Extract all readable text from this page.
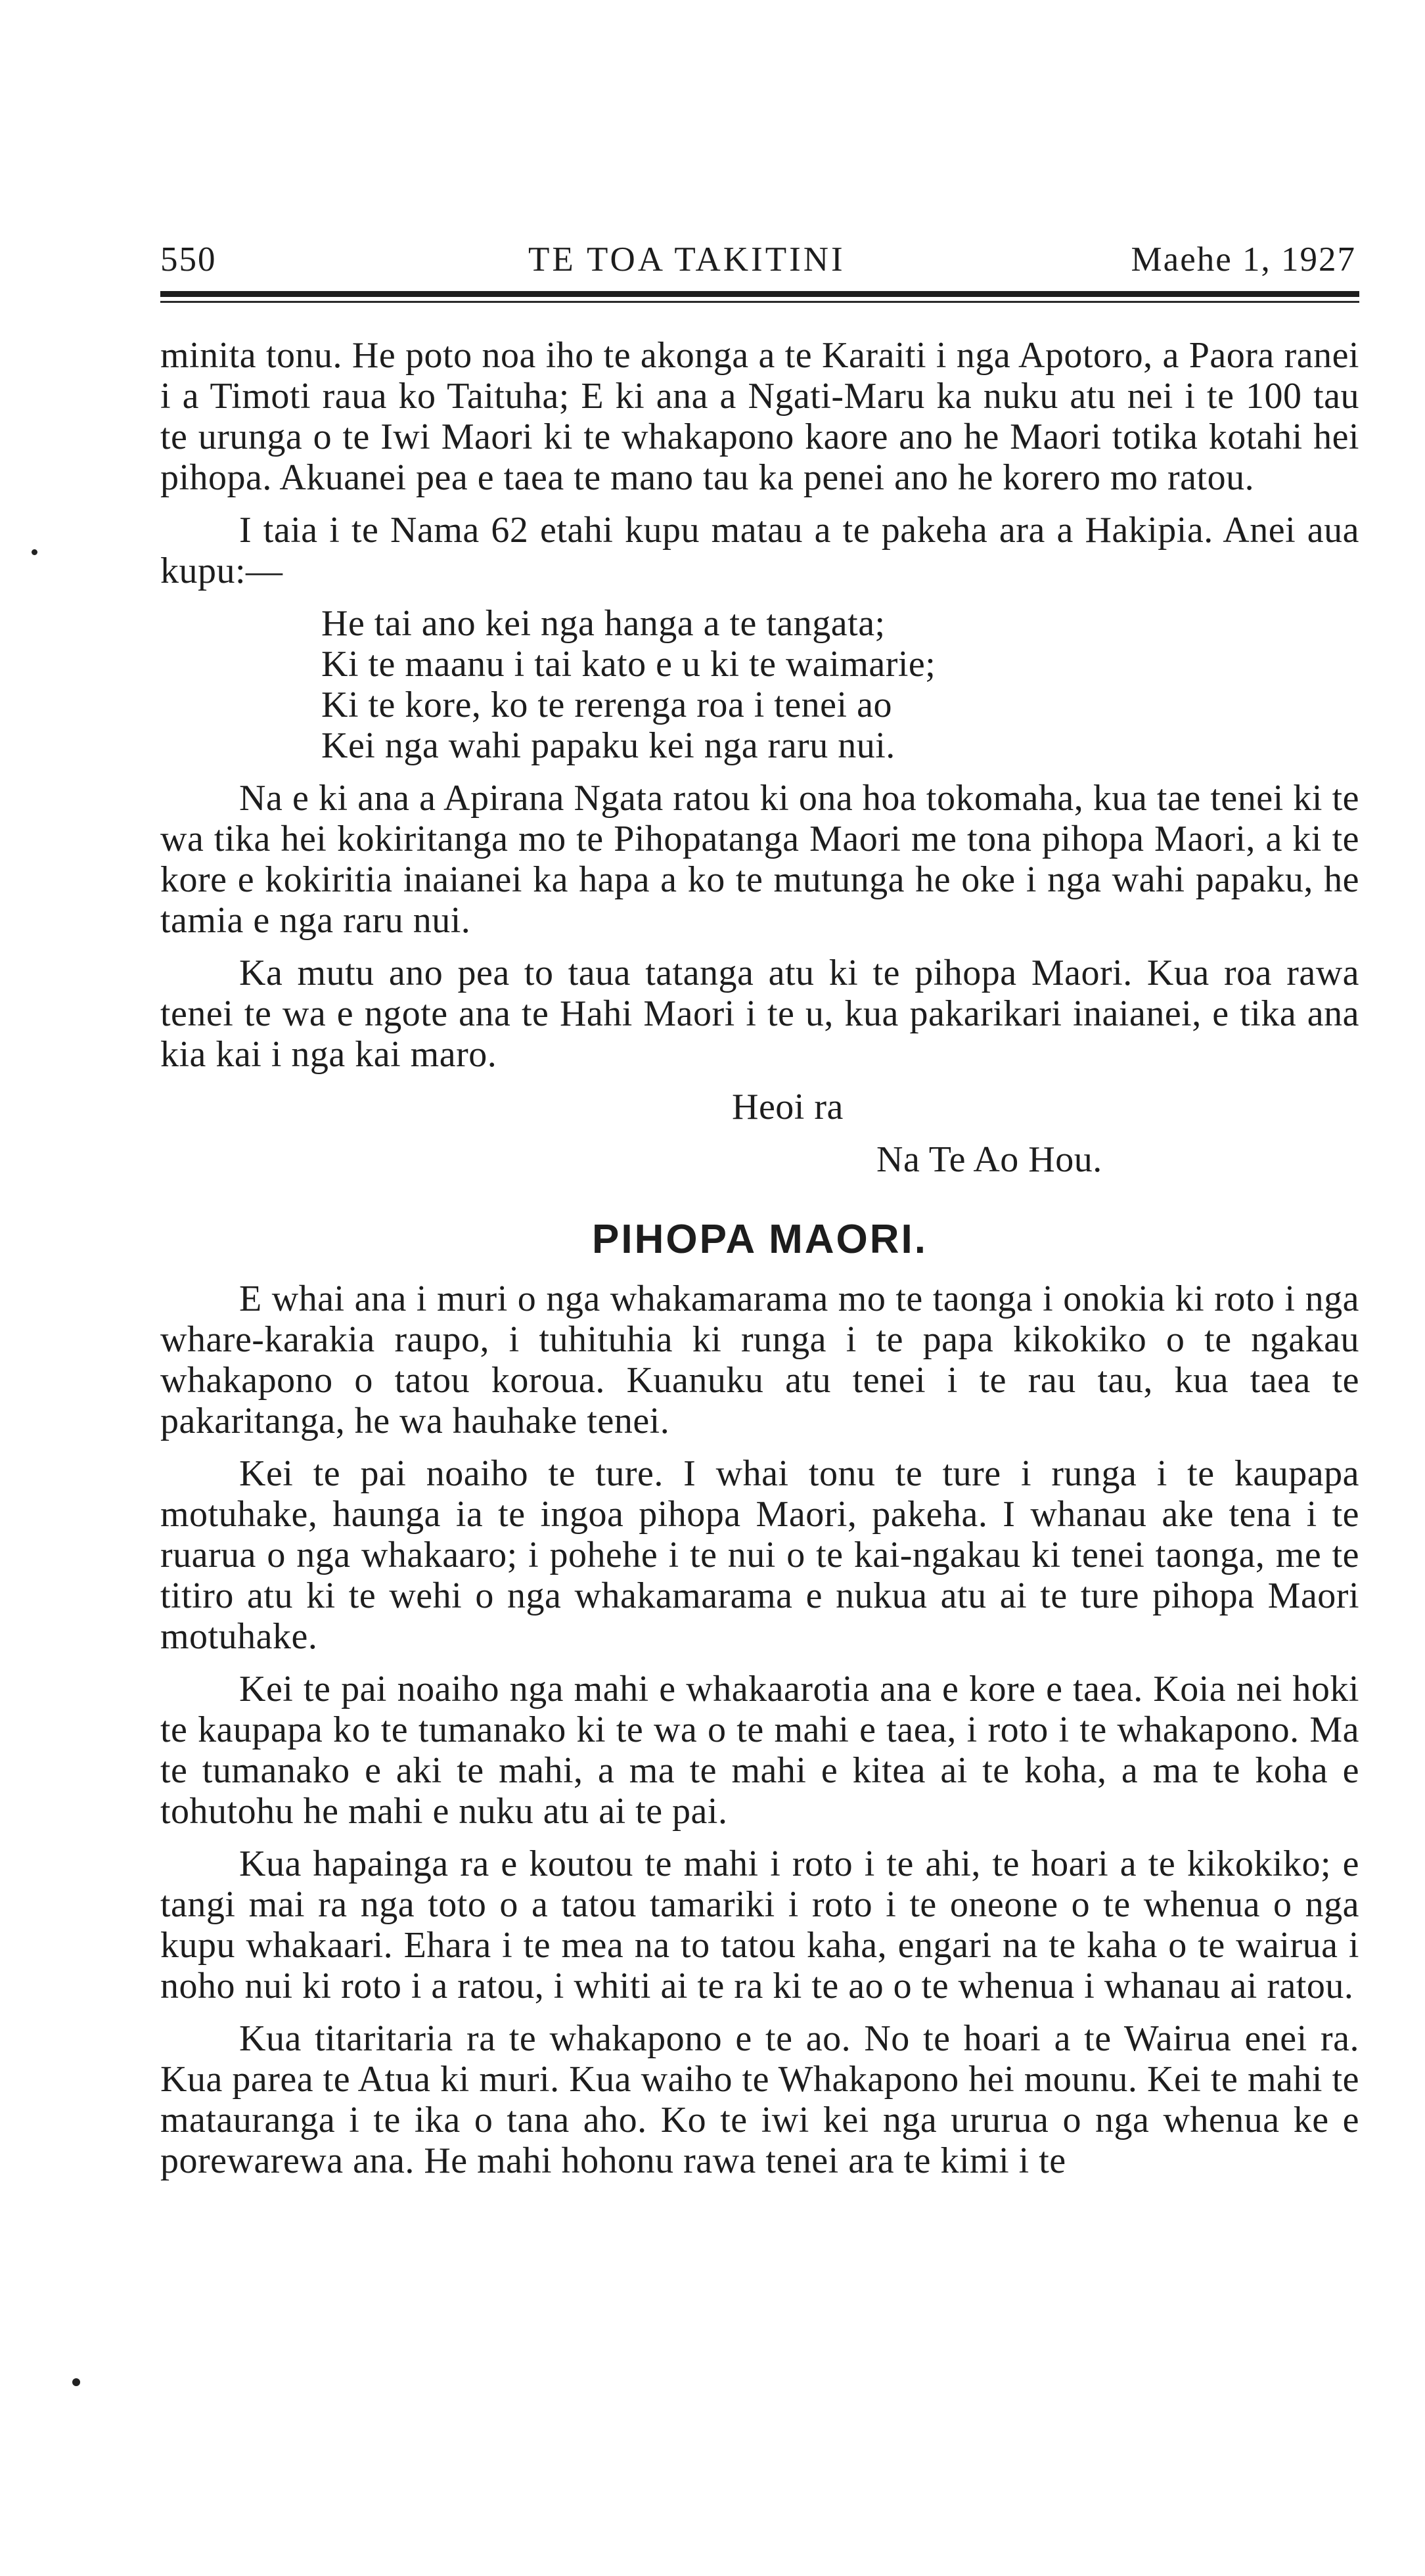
550	TE TOA TAKITINI	Maehe 1, 1927

minita tonu. He poto noa iho te akonga a te Karaiti i nga Apotoro, a Paora ranei i a Timoti raua ko Taituha; E ki ana a Ngati-Maru ka nuku atu nei i te 100 tau te urunga o te Iwi Maori ki te whakapono kaore ano he Maori totika kotahi hei pihopa. Akuanei pea e taea te mano tau ka penei ano he korero mo ratou.

I taia i te Nama 62 etahi kupu matau a te pakeha ara a Hakipia. Anei aua kupu:—

He tai ano kei nga hanga a te tangata;
Ki te maanu i tai kato e u ki te waimarie;
Ki te kore, ko te rerenga roa i tenei ao
Kei nga wahi papaku kei nga raru nui.

Na e ki ana a Apirana Ngata ratou ki ona hoa tokomaha, kua tae tenei ki te wa tika hei kokiritanga mo te Pihopatanga Maori me tona pihopa Maori, a ki te kore e kokiritia inaianei ka hapa a ko te mutunga he oke i nga wahi papaku, he tamia e nga raru nui.

Ka mutu ano pea to taua tatanga atu ki te pihopa Maori. Kua roa rawa tenei te wa e ngote ana te Hahi Maori i te u, kua pakarikari inaianei, e tika ana kia kai i nga kai maro.

Heoi ra

Na Te Ao Hou.

PIHOPA MAORI.

E whai ana i muri o nga whakamarama mo te taonga i onokia ki roto i nga whare-karakia raupo, i tuhituhia ki runga i te papa kikokiko o te ngakau whakapono o tatou koroua. Kuanuku atu tenei i te rau tau, kua taea te pakaritanga, he wa hauhake tenei.

Kei te pai noaiho te ture. I whai tonu te ture i runga i te kaupapa motuhake, haunga ia te ingoa pihopa Maori, pakeha. I whanau ake tena i te ruarua o nga whakaaro; i pohehe i te nui o te kai-ngakau ki tenei taonga, me te titiro atu ki te wehi o nga whakamarama e nukua atu ai te ture pihopa Maori motuhake.

Kei te pai noaiho nga mahi e whakaarotia ana e kore e taea. Koia nei hoki te kaupapa ko te tumanako ki te wa o te mahi e taea, i roto i te whakapono. Ma te tumanako e aki te mahi, a ma te mahi e kitea ai te koha, a ma te koha e tohutohu he mahi e nuku atu ai te pai.

Kua hapainga ra e koutou te mahi i roto i te ahi, te hoari a te kikokiko; e tangi mai ra nga toto o a tatou tamariki i roto i te oneone o te whenua o nga kupu whakaari. Ehara i te mea na to tatou kaha, engari na te kaha o te wairua i noho nui ki roto i a ratou, i whiti ai te ra ki te ao o te whenua i whanau ai ratou.

Kua titaritaria ra te whakapono e te ao. No te hoari a te Wairua enei ra. Kua parea te Atua ki muri. Kua waiho te Whakapono hei mounu. Kei te mahi te matauranga i te ika o tana aho. Ko te iwi kei nga ururua o nga whenua ke e porewarewa ana. He mahi hohonu rawa tenei ara te kimi i te
